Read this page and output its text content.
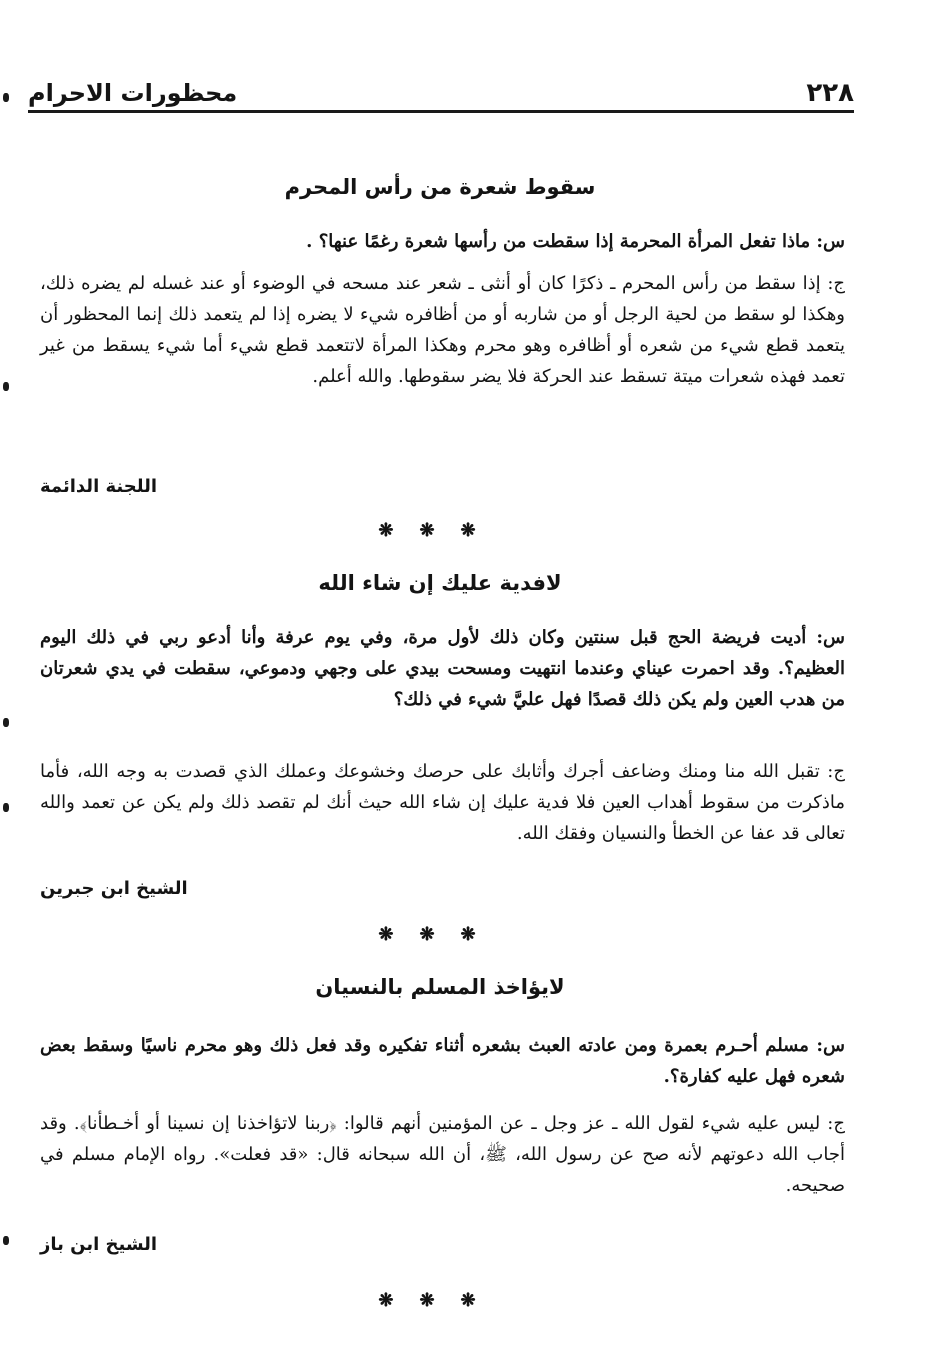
٢٢٨
محظورات الاحرام
سقوط شعرة من رأس المحرم
س: ماذا تفعل المرأة المحرمة إذا سقطت من رأسها شعرة رغمًا عنها؟ .
ج: إذا سقط من رأس المحرم ـ ذكرًا كان أو أنثى ـ شعر عند مسحه في الوضوء أو عند غسله لم يضره ذلك، وهكذا لو سقط من لحية الرجل أو من شاربه أو من أظافره شيء لا يضره إذا لم يتعمد ذلك إنما المحظور أن يتعمد قطع شيء من شعره أو أظافره وهو محرم وهكذا المرأة لاتتعمد قطع شيء أما شيء يسقط من غير تعمد فهذه شعرات ميتة تسقط عند الحركة فلا يضر سقوطها. والله أعلم.
اللجنة الدائمة
❋❋❋
لافدية عليك إن شاء الله
س: أديت فريضة الحج قبل سنتين وكان ذلك لأول مرة، وفي يوم عرفة وأنا أدعو ربي في ذلك اليوم العظيم؟. وقد احمرت عيناي وعندما انتهيت ومسحت بيدي على وجهي ودموعي، سقطت في يدي شعرتان من هدب العين ولم يكن ذلك قصدًا فهل عليَّ شيء في ذلك؟
ج: تقبل الله منا ومنك وضاعف أجرك وأثابك على حرصك وخشوعك وعملك الذي قصدت به وجه الله، فأما ماذكرت من سقوط أهداب العين فلا فدية عليك إن شاء الله حيث أنك لم تقصد ذلك ولم يكن عن تعمد والله تعالى قد عفا عن الخطأ والنسيان وفقك الله.
الشيخ ابن جبرين
❋❋❋
لايؤاخذ المسلم بالنسيان
س: مسلم أحـرم بعمرة ومن عادته العبث بشعره أثناء تفكيره وقد فعل ذلك وهو محرم ناسيًا وسقط بعض شعره فهل عليه كفارة؟.
ج: ليس عليه شيء لقول الله ـ عز وجل ـ عن المؤمنين أنهم قالوا: ﴿ربنا لاتؤاخذنا إن نسينا أو أخـطأنا﴾. وقد أجاب الله دعوتهم لأنه صح عن رسول الله، ﷺ، أن الله سبحانه قال: «قد فعلت». رواه الإمام مسلم في صحيحه.
الشيخ ابن باز
❋❋❋
